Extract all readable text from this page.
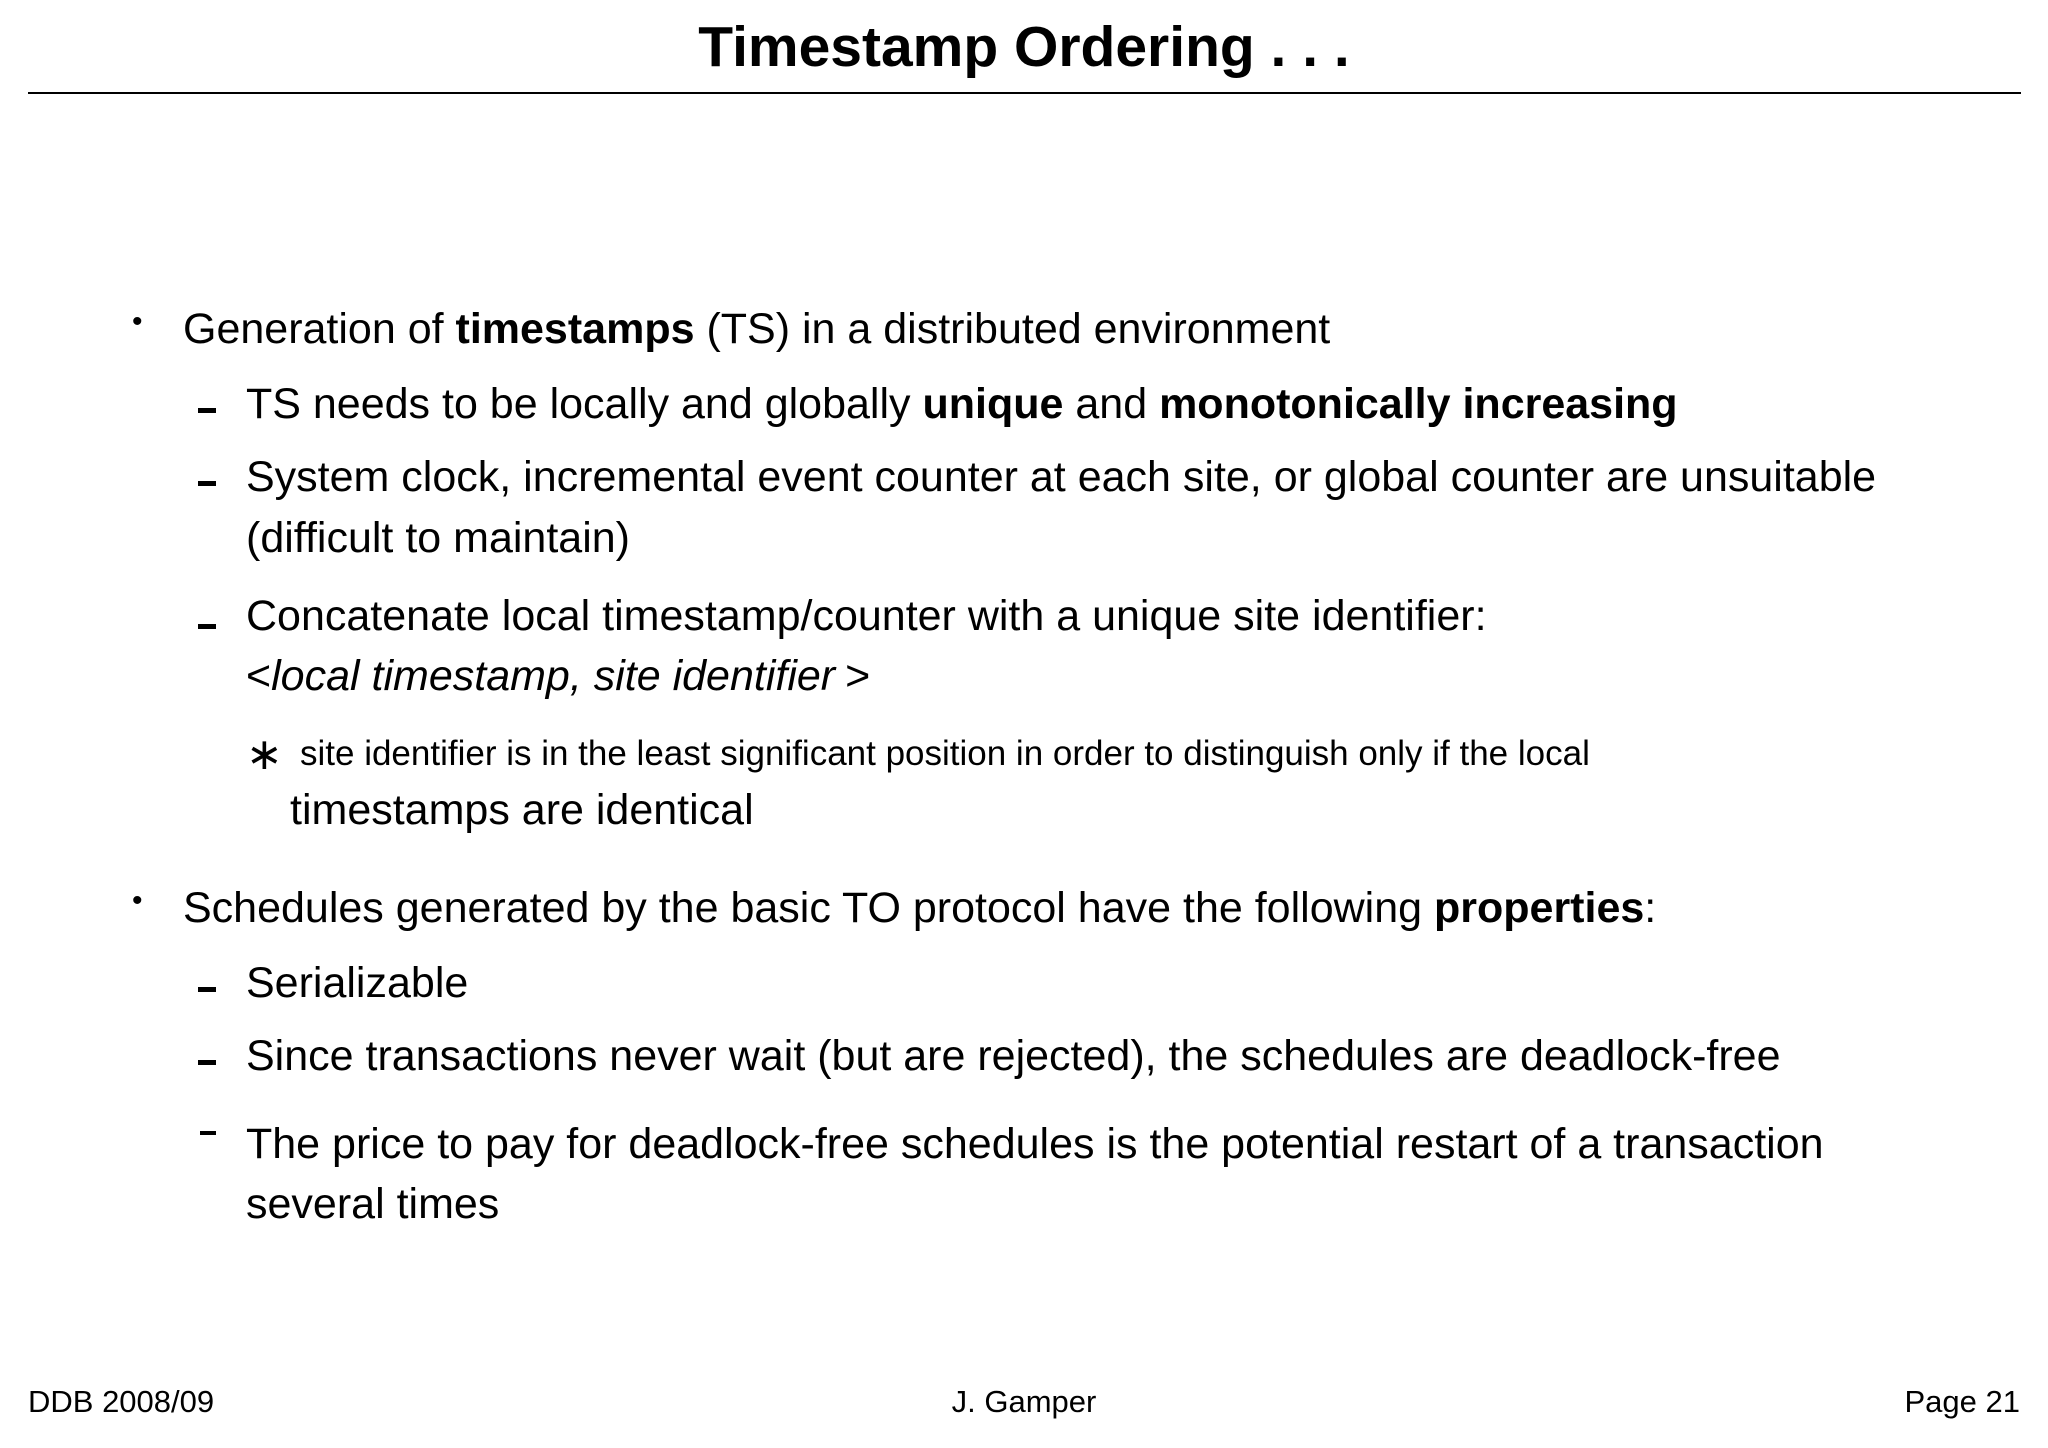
Timestamp Ordering . . .
• Generation of timestamps (TS) in a distributed environment
TS needs to be locally and globally unique and monotonically increasing
System clock, incremental event counter at each site, or global counter are unsuitable
(difficult to maintain)
Concatenate local timestamp/counter with a unique site identifier:
<local timestamp, site identifier >
∗ site identifier is in the least significant position in order to distinguish only if the local
timestamps are identical
• Schedules generated by the basic TO protocol have the following properties:
Serializable
Since transactions never wait (but are rejected), the schedules are deadlock-free
The price to pay for deadlock-free schedules is the potential restart of a transaction
several times
DDB 2008/09	J. Gamper	Page 21
